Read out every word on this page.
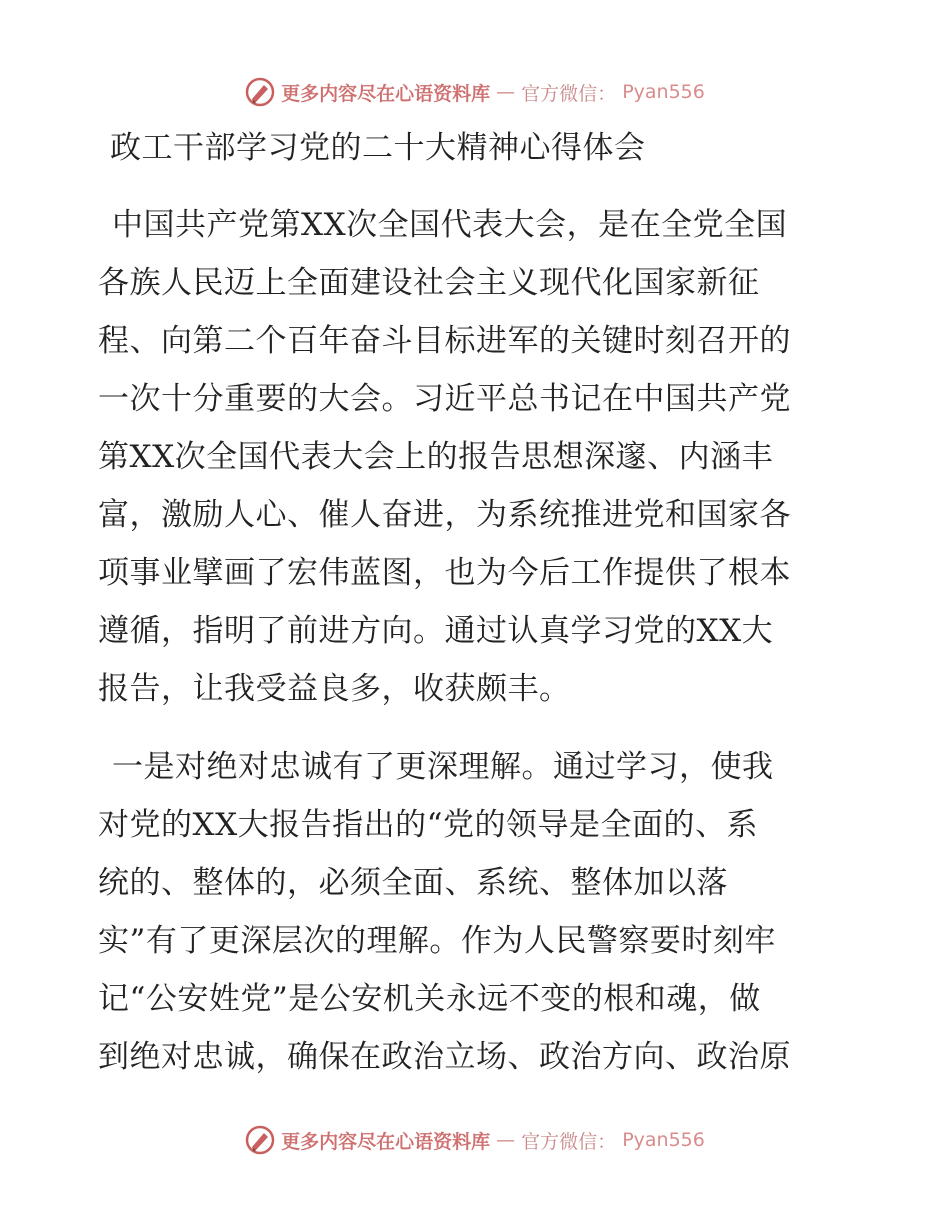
更多内容尽在心语资料库 — 官方微信： Pyan556
政工干部学习党的二十大精神心得体会
中国共产党第XX次全国代表大会，是在全党全国
各族人民迈上全面建设社会主义现代化国家新征
程、向第二个百年奋斗目标进军的关键时刻召开的
一次十分重要的大会。习近平总书记在中国共产党
第XX次全国代表大会上的报告思想深邃、内涵丰
富，激励人心、催人奋进，为系统推进党和国家各
项事业擘画了宏伟蓝图，也为今后工作提供了根本
遵循，指明了前进方向。通过认真学习党的XX大
报告，让我受益良多，收获颇丰。
一是对绝对忠诚有了更深理解。通过学习，使我
对党的XX大报告指出的“党的领导是全面的、系
统的、整体的，必须全面、系统、整体加以落
实”有了更深层次的理解。作为人民警察要时刻牢
记“公安姓党”是公安机关永远不变的根和魂，做
到绝对忠诚，确保在政治立场、政治方向、政治原
更多内容尽在心语资料库 — 官方微信： Pyan556
